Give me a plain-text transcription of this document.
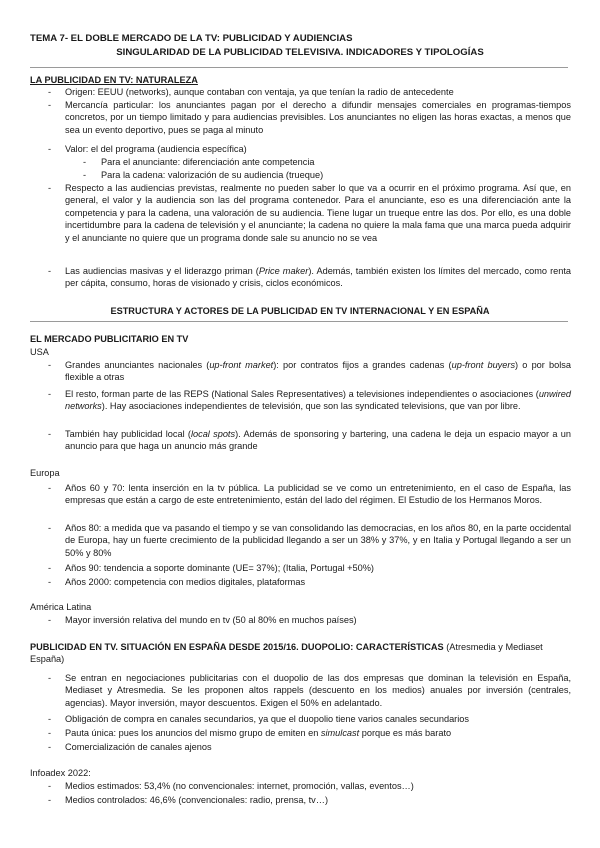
TEMA 7- EL DOBLE MERCADO DE LA TV: PUBLICIDAD Y AUDIENCIAS
SINGULARIDAD DE LA PUBLICIDAD TELEVISIVA. INDICADORES Y TIPOLOGÍAS
LA PUBLICIDAD EN TV: NATURALEZA
- Origen: EEUU (networks), aunque contaban con ventaja, ya que tenían la radio de antecedente
- Mercancía particular: los anunciantes pagan por el derecho a difundir mensajes comerciales en programas-tiempos concretos, por un tiempo limitado y para audiencias previsibles. Los anunciantes no eligen las horas exactas, a menos que sea un evento deportivo, pues se paga al minuto
- Valor: el del programa (audiencia específica)
- Para el anunciante: diferenciación ante competencia
- Para la cadena: valorización de su audiencia (trueque)
- Respecto a las audiencias previstas, realmente no pueden saber lo que va a ocurrir en el próximo programa. Así que, en general, el valor y la audiencia son las del programa contenedor. Para el anunciante, eso es una diferenciación ante la competencia y para la cadena, una valoración de su audiencia. Tiene lugar un trueque entre las dos. Por ello, es una doble incertidumbre para la cadena de televisión y el anunciante; la cadena no quiere la mala fama que una marca pueda adquirir y el anunciante no quiere que un programa donde sale su anuncio no se vea
- Las audiencias masivas y el liderazgo priman (Price maker). Además, también existen los límites del mercado, como renta per cápita, consumo, horas de visionado y crisis, ciclos económicos.
ESTRUCTURA Y ACTORES DE LA PUBLICIDAD EN TV INTERNACIONAL Y EN ESPAÑA
EL MERCADO PUBLICITARIO EN TV
USA
- Grandes anunciantes nacionales (up-front market): por contratos fijos a grandes cadenas (up-front buyers) o por bolsa flexible a otras
- El resto, forman parte de las REPS (National Sales Representatives) a televisiones independientes o asociaciones (unwired networks). Hay asociaciones independientes de televisión, que son las syndicated televisions, que van por libre.
- También hay publicidad local (local spots). Además de sponsoring y bartering, una cadena le deja un espacio mayor a un anuncio para que haga un anuncio más grande
Europa
- Años 60 y 70: lenta inserción en la tv pública. La publicidad se ve como un entretenimiento, en el caso de España, las empresas que están a cargo de este entretenimiento, están del lado del régimen. El Estudio de los Hermanos Moros.
- Años 80: a medida que va pasando el tiempo y se van consolidando las democracias, en los años 80, en la parte occidental de Europa, hay un fuerte crecimiento de la publicidad llegando a ser un 38% y 37%, y en Italia y Portugal llegando a ser un 50% y 80%
- Años 90: tendencia a soporte dominante (UE= 37%); (Italia, Portugal +50%)
- Años 2000: competencia con medios digitales, plataformas
América Latina
- Mayor inversión relativa del mundo en tv (50 al 80% en muchos países)
PUBLICIDAD EN TV. SITUACIÓN EN ESPAÑA DESDE 2015/16. DUOPOLIO: CARACTERÍSTICAS (Atresmedia y Mediaset España)
- Se entran en negociaciones publicitarias con el duopolio de las dos empresas que dominan la televisión en España, Mediaset y Atresmedia. Se les proponen altos rappels (descuento en los medios) anuales por inversión (centrales, agencias). Mayor inversión, mayor descuentos. Exigen el 50% en adelantado.
- Obligación de compra en canales secundarios, ya que el duopolio tiene varios canales secundarios
- Pauta única: pues los anuncios del mismo grupo de emiten en simulcast porque es más barato
- Comercialización de canales ajenos
Infoadex 2022:
- Medios estimados: 53,4% (no convencionales: internet, promoción, vallas, eventos…)
- Medios controlados: 46,6% (convencionales: radio, prensa, tv…)
